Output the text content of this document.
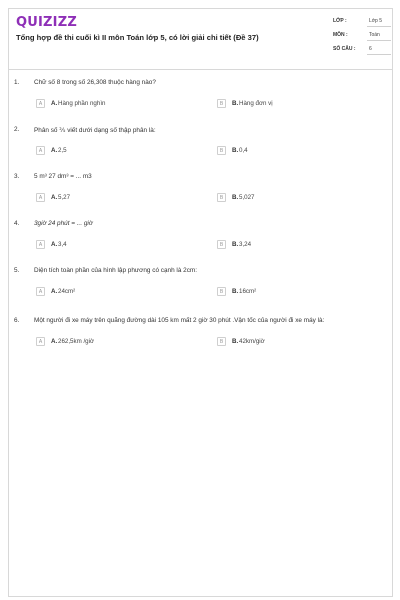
QUIZIZZ
Tổng hợp đề thi cuối kì II môn Toán lớp 5, có lời giải chi tiết (Đề 37)
LỚP :	Lớp 5
MÔN :	Toán
SỐ CÂU :	6
1. Chữ số 8 trong số 26,308 thuộc hàng nào?
A	A. Hàng phần nghìn	B	B. Hàng đơn vị
2. Phân số ⅖ viết dưới dạng số thập phân là:
A	A. 2,5	B	B. 0,4
3. 5 m³ 27 dm³ = ... m3
A	A. 5,27	B	B. 5,027
4. 3giờ 24 phút = ... giờ
A	A. 3,4	B	B. 3,24
5. Diện tích toàn phần của hình lập phương có cạnh là 2cm:
A	A. 24cm²	B	B. 16cm²
6. Một người đi xe máy trên quãng đường dài 105 km mất 2 giờ 30 phút .Vận tốc của người đi xe máy là:
A	A. 262,5km /giờ	B	B. 42km/giờ
